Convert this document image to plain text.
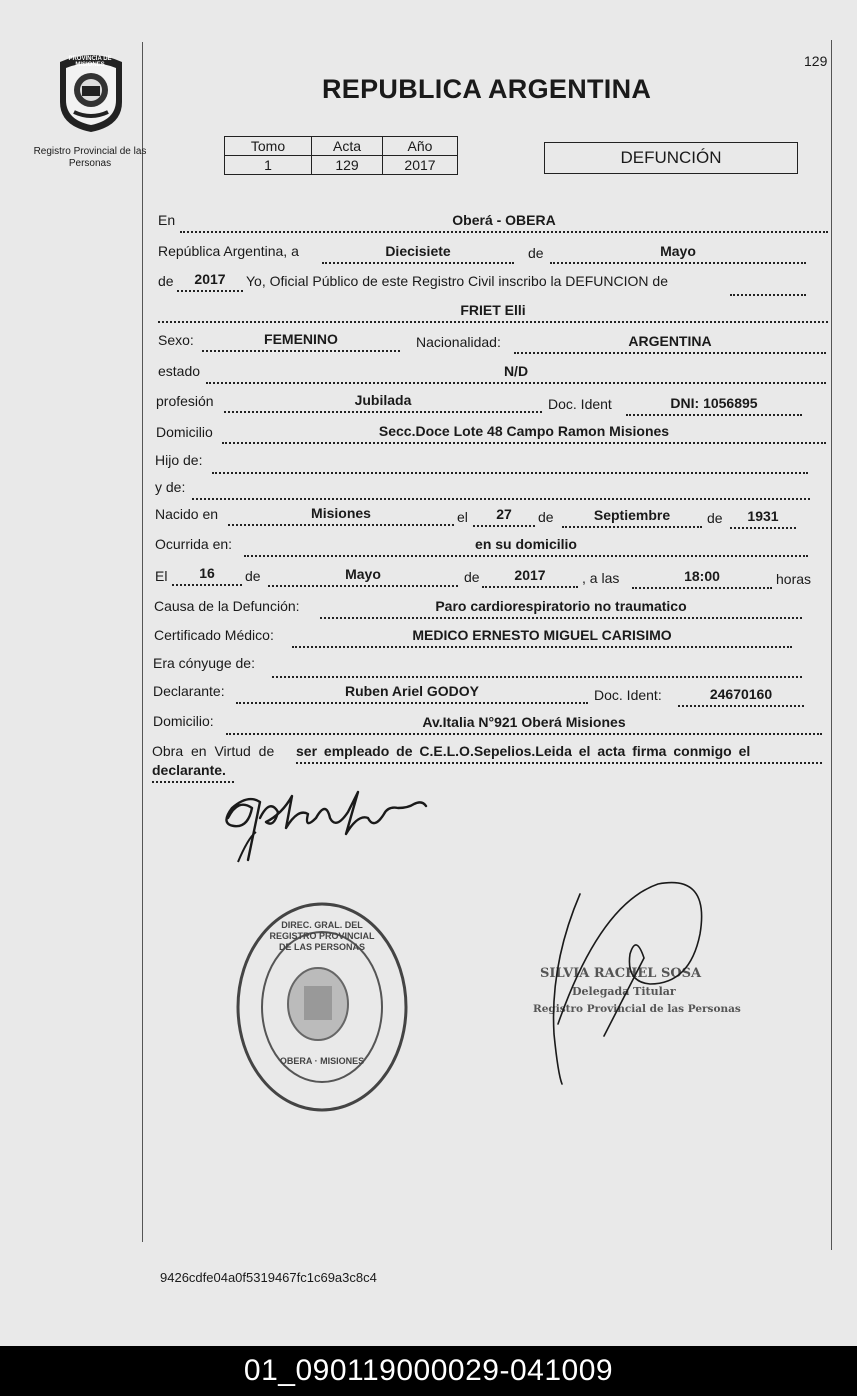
129
PROVINCIA DE MISIONES
Registro Provincial de las Personas
REPUBLICA ARGENTINA
Tomo	Acta	Año
1	129	2017	DEFUNCIÓN
En	Oberá - OBERA
República Argentina, a	Diecisiete	de	Mayo
de	2017	Yo, Oficial Público de este Registro Civil inscribo la DEFUNCION de
FRIET Elli
Sexo:	FEMENINO	Nacionalidad:	ARGENTINA
estado	N/D
profesión	Jubilada	Doc. Ident	DNI: 1056895
Domicilio	Secc.Doce Lote 48 Campo Ramon Misiones
Hijo de:
y de:
Nacido en	Misiones	el	27	de	Septiembre	de	1931
Ocurrida en:	en su domicilio
El	16	de	Mayo	de	2017	, a las	18:00	horas
Causa de la Defunción:	Paro cardiorespiratorio no traumatico
Certificado Médico:	MEDICO ERNESTO MIGUEL CARISIMO
Era cónyuge de:
Declarante:	Ruben Ariel GODOY	Doc. Ident:	24670160
Domicilio:	Av.Italia N°921 Oberá Misiones
Obra en Virtud de ser empleado de C.E.L.O.Sepelios.Leida el acta firma conmigo el
declarante.
DIREC. GRAL. DEL REGISTRO PROVINCIAL DE LAS PERSONAS
OBERA · MISIONES
SILVIA RACHEL SOSA
Delegada Titular
Registro Provincial de las Personas
9426cdfe04a0f5319467fc1c69a3c8c4
01_090119000029-041009
